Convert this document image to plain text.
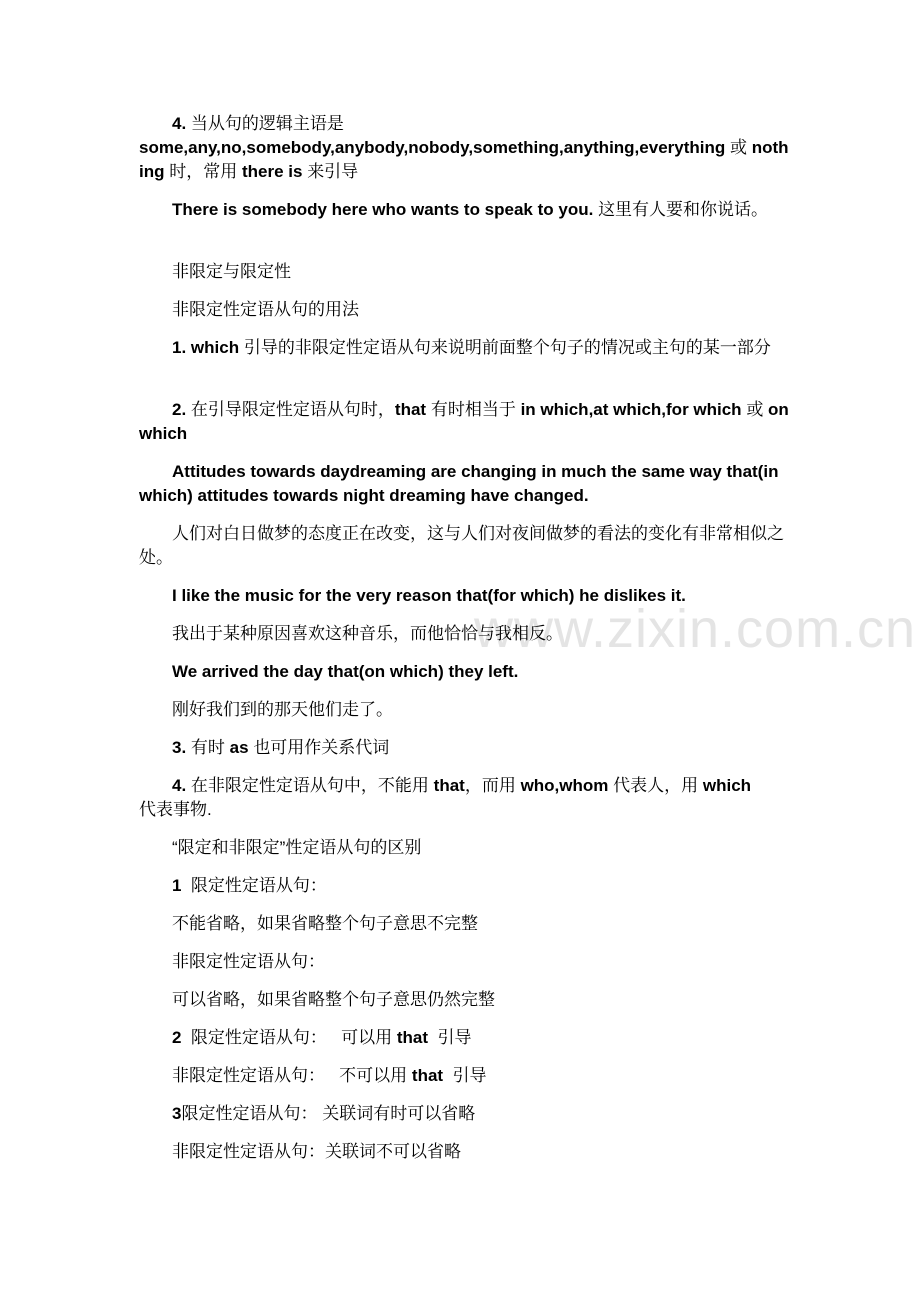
www.zixin.com.cn
4. 当从句的逻辑主语是
some,any,no,somebody,anybody,nobody,something,anything,everything 或 nothing 时，常用 there is 来引导
There is somebody here who wants to speak to you. 这里有人要和你说话。
非限定与限定性
非限定性定语从句的用法
1. which 引导的非限定性定语从句来说明前面整个句子的情况或主句的某一部分
2. 在引导限定性定语从句时，that 有时相当于 in which,at which,for which 或 on which
Attitudes towards daydreaming are changing in much the same way that(in which) attitudes towards night dreaming have changed.
人们对白日做梦的态度正在改变，这与人们对夜间做梦的看法的变化有非常相似之处。
I like the music for the very reason that(for which) he dislikes it.
我出于某种原因喜欢这种音乐，而他恰恰与我相反。
We arrived the day that(on which) they left.
刚好我们到的那天他们走了。
3. 有时 as 也可用作关系代词
4. 在非限定性定语从句中，不能用 that，而用 who,whom 代表人，用 which
代表事物.
“限定和非限定”性定语从句的区别
1 限定性定语从句：
不能省略，如果省略整个句子意思不完整
非限定性定语从句：
可以省略，如果省略整个句子意思仍然完整
2 限定性定语从句：   可以用 that 引导
非限定性定语从句：   不可以用 that 引导
3限定性定语从句： 关联词有时可以省略
非限定性定语从句：关联词不可以省略
